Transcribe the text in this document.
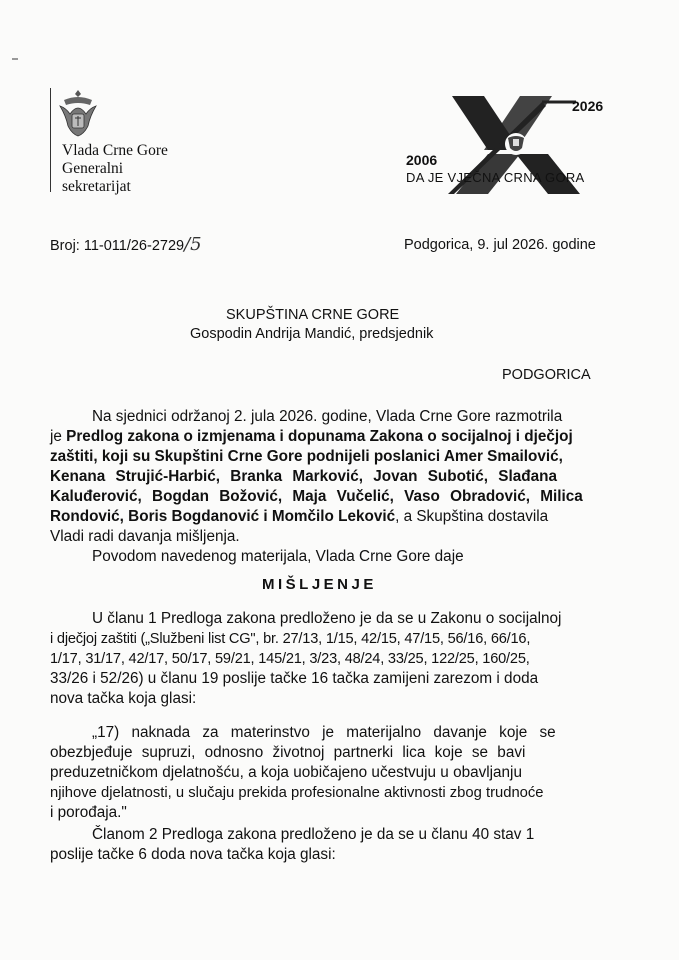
Vlada Crne Gore
Generalni
sekretarijat
2026
2006
DA JE VJEČNA CRNA GORA
Broj: 11-011/26-2729/5	Podgorica, 9. jul 2026. godine
SKUPŠTINA CRNE GORE
Gospodin Andrija Mandić, predsjednik
PODGORICA
Na sjednici održanoj 2. jula 2026. godine, Vlada Crne Gore razmotrila
je Predlog zakona o izmjenama i dopunama Zakona o socijalnoj i dječjoj
zaštiti, koji su Skupštini Crne Gore podnijeli poslanici Amer Smailović,
Kenana Strujić-Harbić, Branka Marković, Jovan Subotić, Slađana
Kaluđerović, Bogdan Božović, Maja Vučelić, Vaso Obradović, Milica
Rondović, Boris Bogdanović i Momčilo Leković, a Skupština dostavila
Vladi radi davanja mišljenja.
Povodom navedenog materijala, Vlada Crne Gore daje
MIŠLJENJE
U članu 1 Predloga zakona predloženo je da se u Zakonu o socijalnoj
i dječjoj zaštiti („Službeni list CG", br. 27/13, 1/15, 42/15, 47/15, 56/16, 66/16,
1/17, 31/17, 42/17, 50/17, 59/21, 145/21, 3/23, 48/24, 33/25, 122/25, 160/25,
33/26 i 52/26) u članu 19 poslije tačke 16 tačka zamijeni zarezom i doda
nova tačka koja glasi:
„17) naknada za materinstvo je materijalno davanje koje se
obezbjeđuje supruzi, odnosno životnoj partnerki lica koje se bavi
preduzetničkom djelatnošću, a koja uobičajeno učestvuju u obavljanju
njihove djelatnosti, u slučaju prekida profesionalne aktivnosti zbog trudnoće
i porođaja."
Članom 2 Predloga zakona predloženo je da se u članu 40 stav 1
poslije tačke 6 doda nova tačka koja glasi:
